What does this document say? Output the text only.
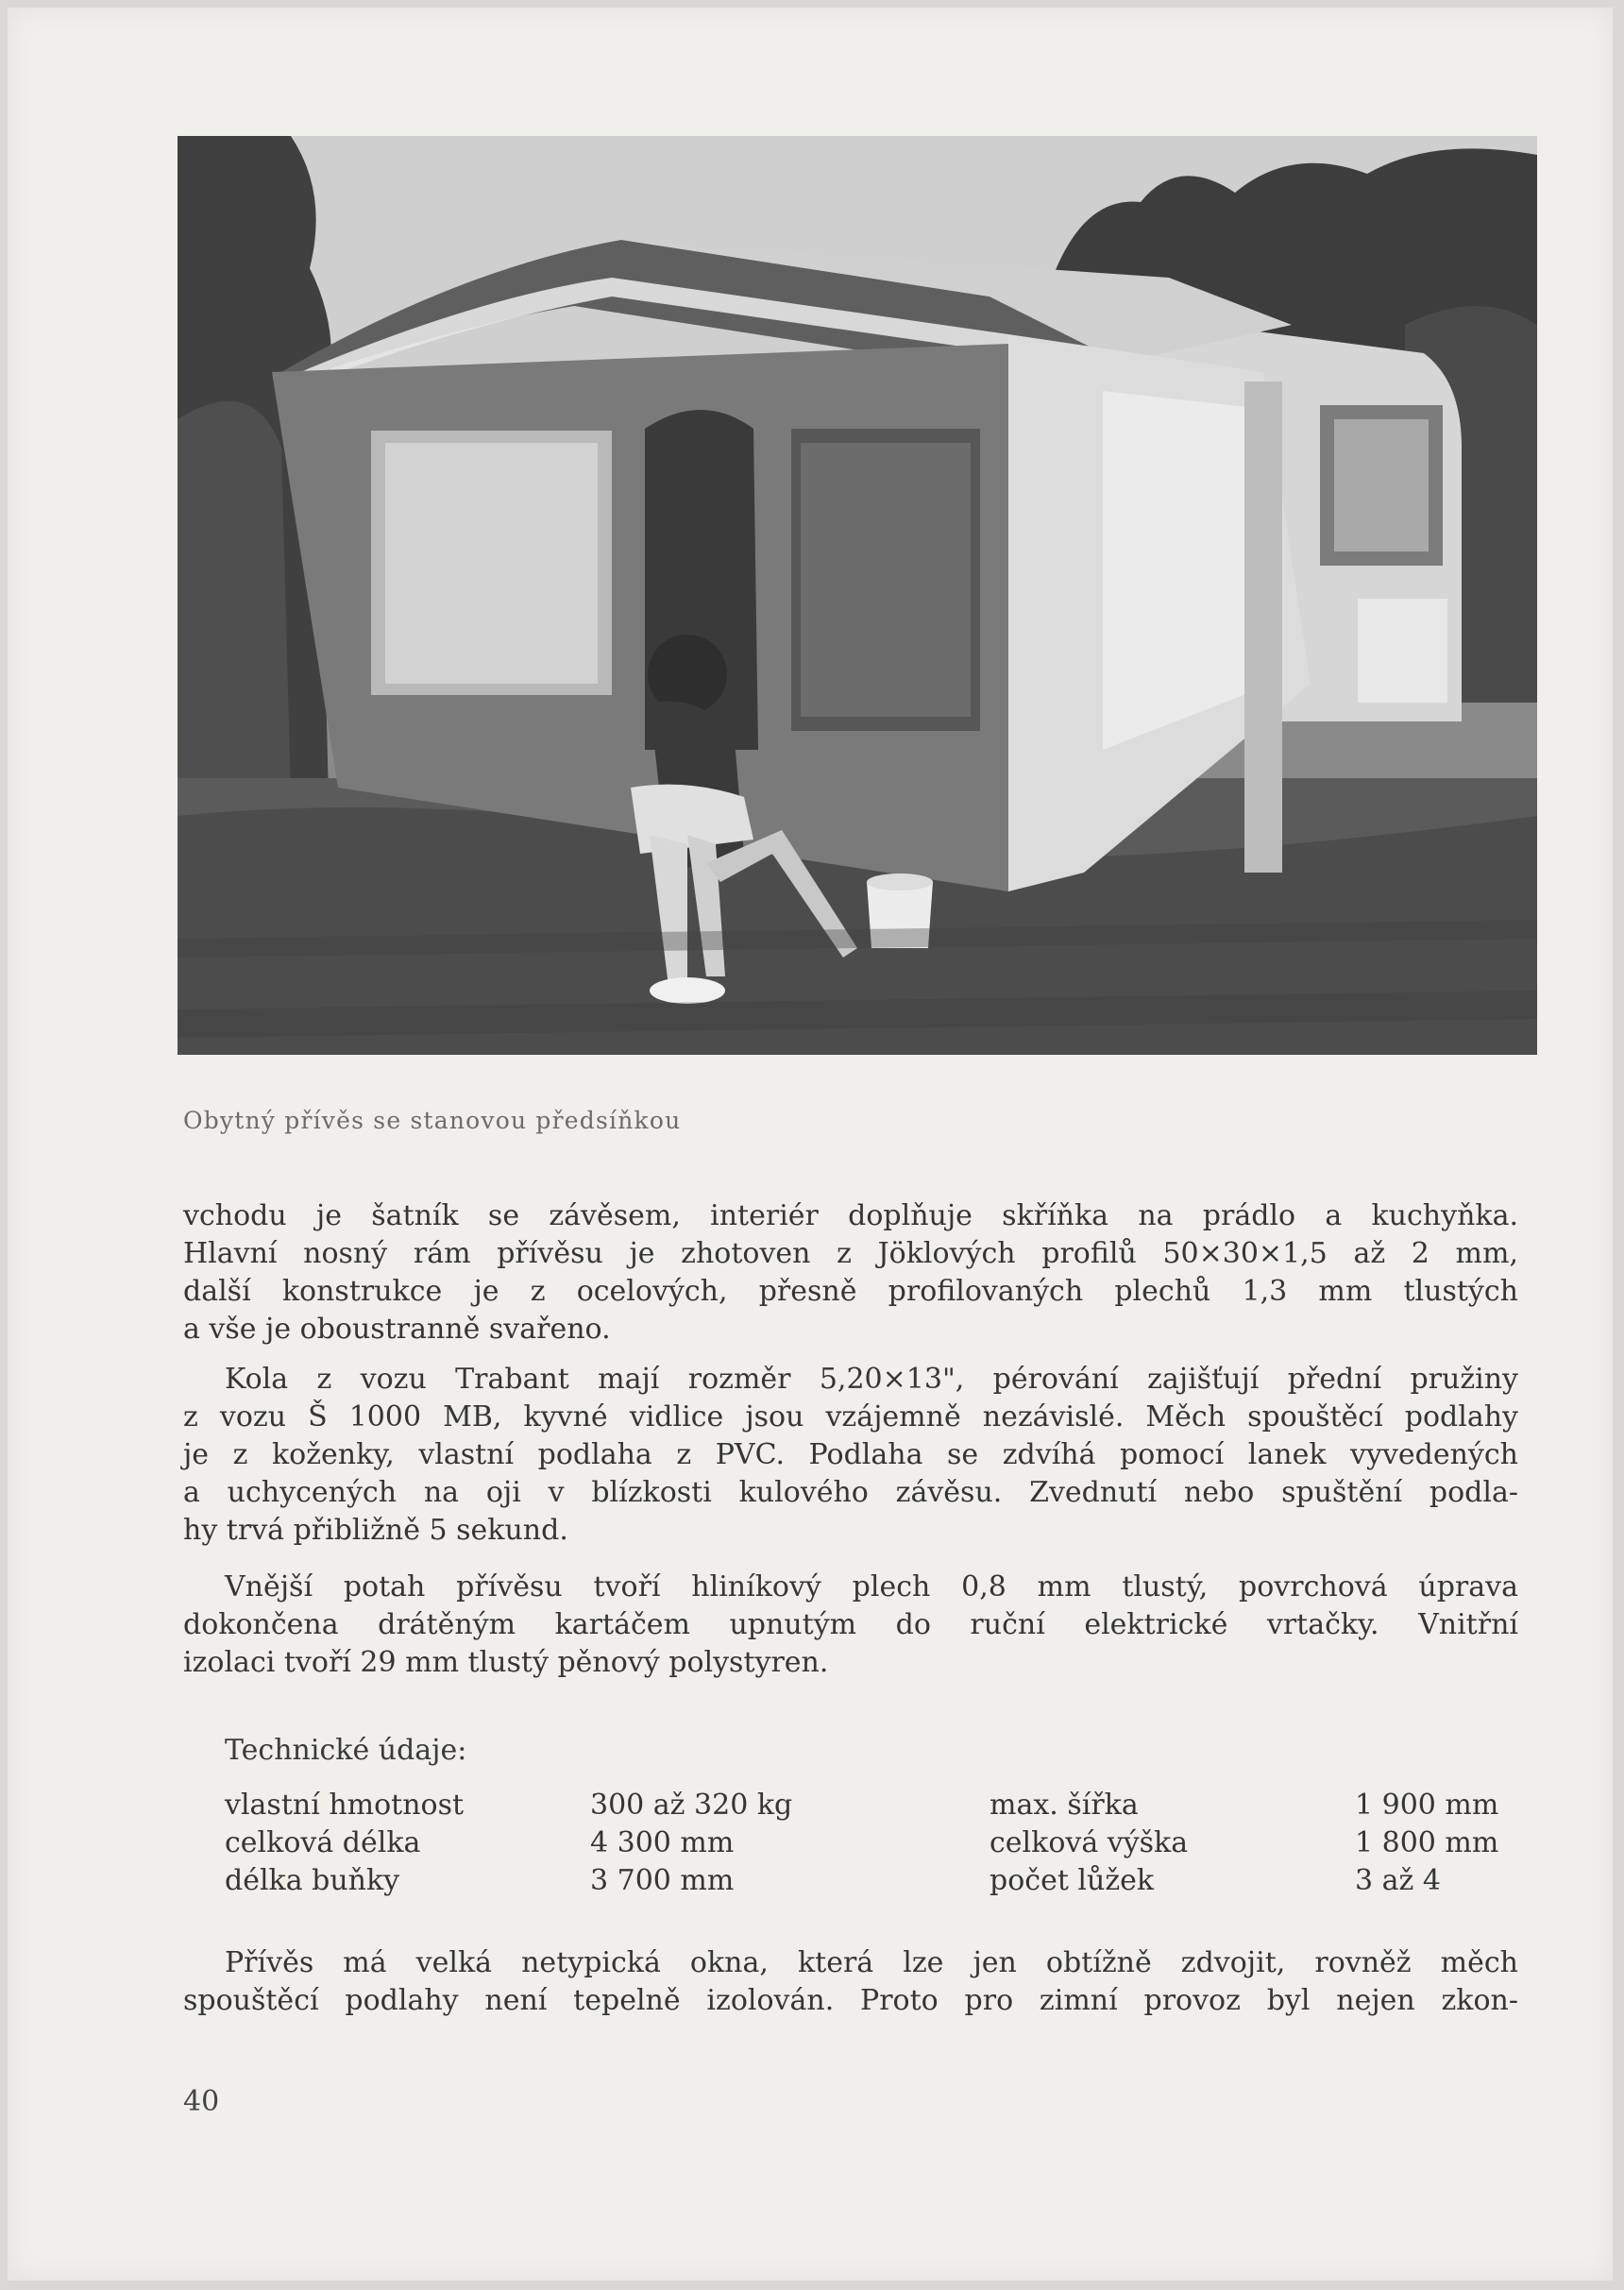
Obytný přívěs se stanovou předsíňkou
vchodu je šatník se závěsem, interiér doplňuje skříňka na prádlo a kuchyňka.
Hlavní nosný rám přívěsu je zhotoven z Jöklových profilů 50×30×1,5 až 2 mm,
další konstrukce je z ocelových, přesně profilovaných plechů 1,3 mm tlustých
a vše je oboustranně svařeno.
Kola z vozu Trabant mají rozměr 5,20×13", pérování zajišťují přední pružiny
z vozu Š 1000 MB, kyvné vidlice jsou vzájemně nezávislé. Měch spouštěcí podlahy
je z koženky, vlastní podlaha z PVC. Podlaha se zdvíhá pomocí lanek vyvedených
a uchycených na oji v blízkosti kulového závěsu. Zvednutí nebo spuštění podla-
hy trvá přibližně 5 sekund.
Vnější potah přívěsu tvoří hliníkový plech 0,8 mm tlustý, povrchová úprava
dokončena drátěným kartáčem upnutým do ruční elektrické vrtačky. Vnitřní
izolaci tvoří 29 mm tlustý pěnový polystyren.
Technické údaje:
vlastní hmotnost	300 až 320 kg	max. šířka	1 900 mm
celková délka	4 300 mm	celková výška	1 800 mm
délka buňky	3 700 mm	počet lůžek	3 až 4
Přívěs má velká netypická okna, která lze jen obtížně zdvojit, rovněž měch
spouštěcí podlahy není tepelně izolován. Proto pro zimní provoz byl nejen zkon-
40
